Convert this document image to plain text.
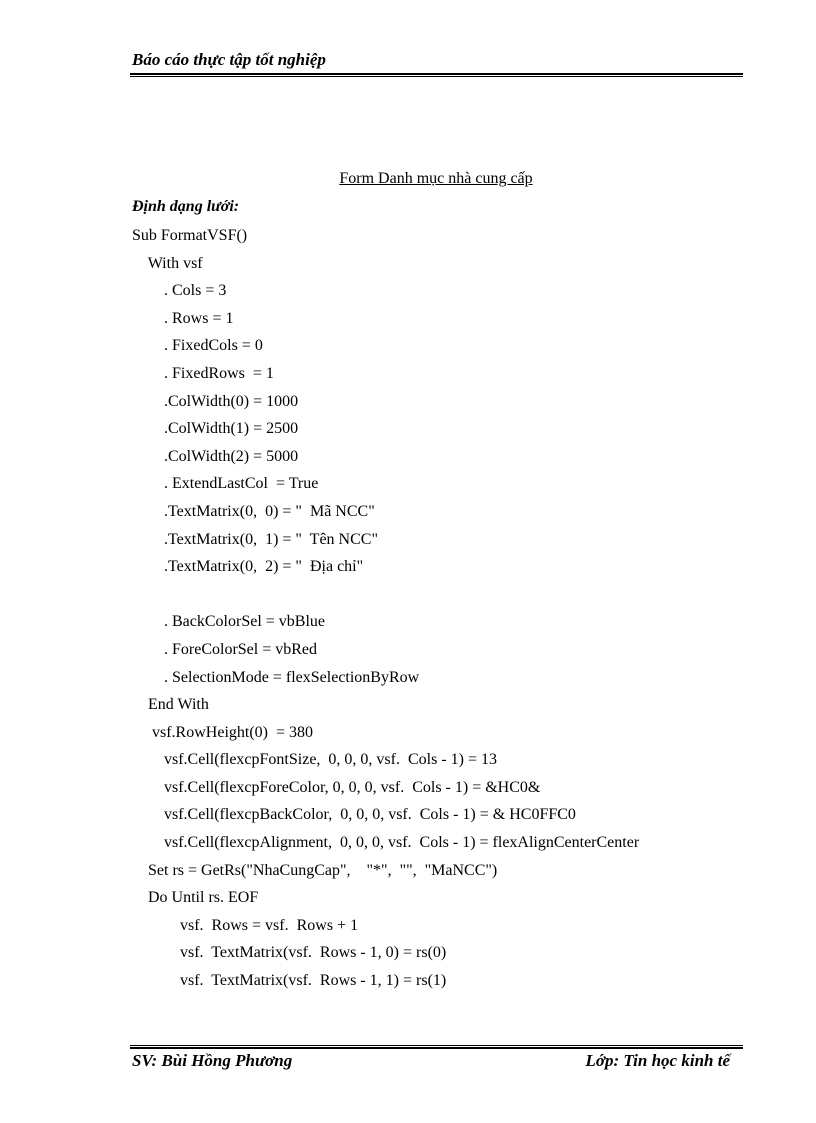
Báo cáo thực tập tốt nghiệp
Form Danh mục nhà cung cấp
Định dạng lưới:
Sub FormatVSF()
With vsf
. Cols = 3
. Rows = 1
. FixedCols = 0
. FixedRows  = 1
.ColWidth(0) = 1000
.ColWidth(1) = 2500
.ColWidth(2) = 5000
. ExtendLastCol  = True
.TextMatrix(0,  0) = "  Mã NCC"
.TextMatrix(0,  1) = "  Tên NCC"
.TextMatrix(0,  2) = "  Địa chỉ"
. BackColorSel = vbBlue
. ForeColorSel = vbRed
. SelectionMode = flexSelectionByRow
End With
vsf.RowHeight(0)  = 380
vsf.Cell(flexcpFontSize,  0, 0, 0, vsf.  Cols - 1) = 13
vsf.Cell(flexcpForeColor, 0, 0, 0, vsf.  Cols - 1) = &HC0&
vsf.Cell(flexcpBackColor,  0, 0, 0, vsf.  Cols - 1) = & HC0FFC0
vsf.Cell(flexcpAlignment,  0, 0, 0, vsf.  Cols - 1) = flexAlignCenterCenter
Set rs = GetRs("NhaCungCap",    "*",  "",  "MaNCC")
Do Until rs. EOF
vsf.  Rows = vsf.  Rows + 1
vsf.  TextMatrix(vsf.  Rows - 1, 0) = rs(0)
vsf.  TextMatrix(vsf.  Rows - 1, 1) = rs(1)
SV: Bùi Hồng Phương	Lớp: Tin học kinh tế
